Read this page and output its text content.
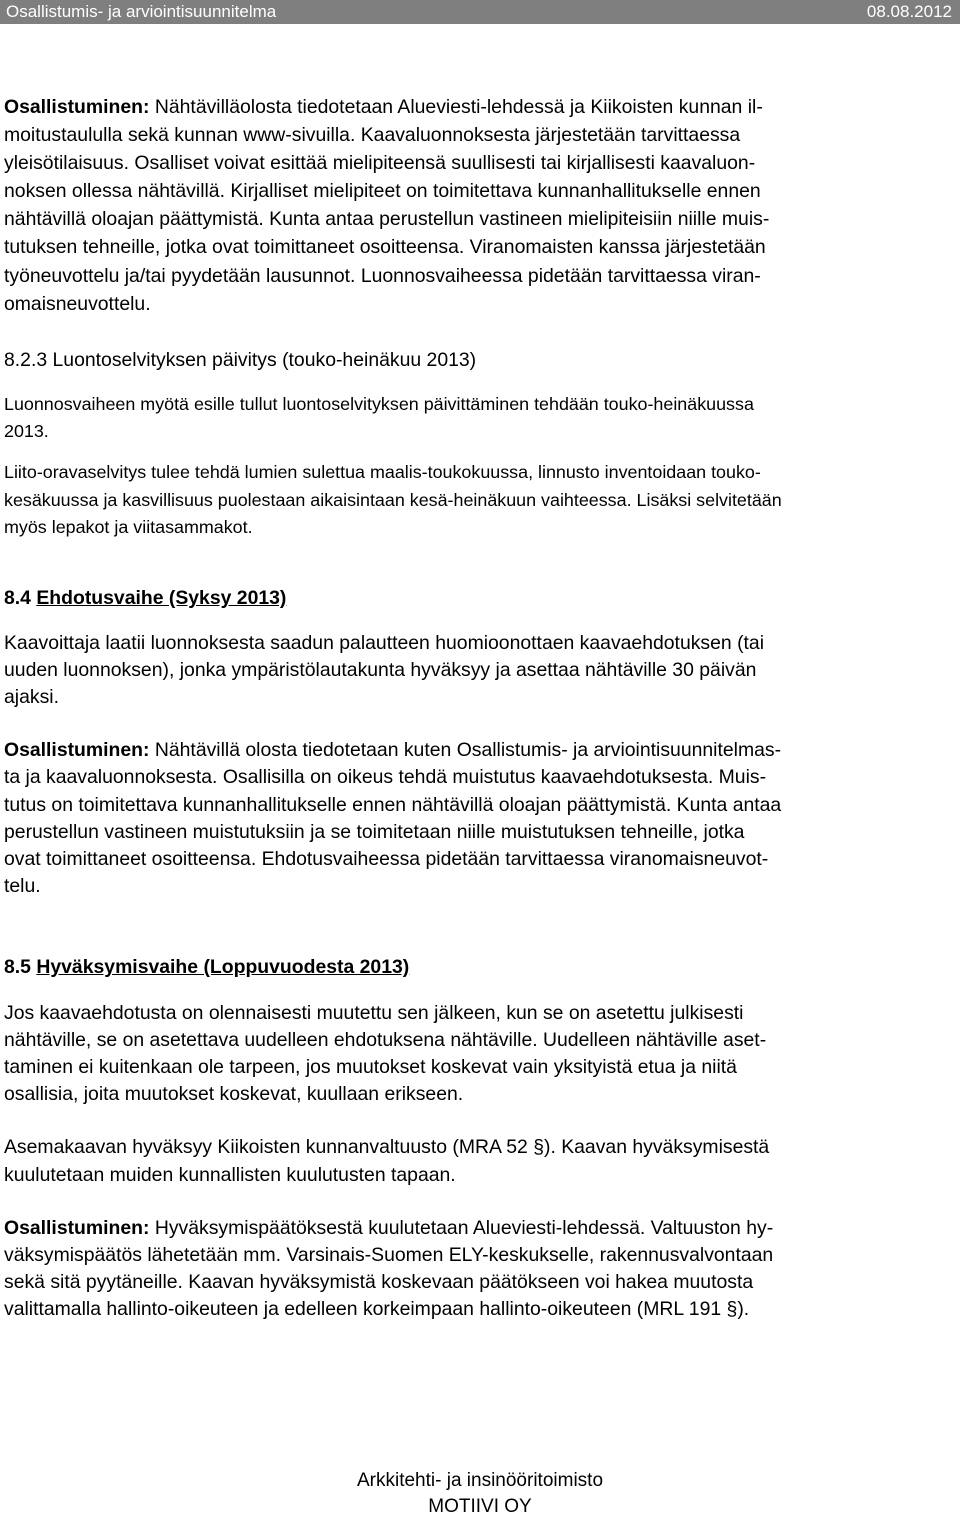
Osallistumis- ja arviointisuunnitelma	08.08.2012

Osallistuminen: Nähtävilläolosta tiedotetaan Alueviesti-lehdessä ja Kiikoisten kunnan il-

moitustaululla sekä kunnan www-sivuilla. Kaavaluonnoksesta järjestetään tarvittaessa

yleisötilaisuus. Osalliset voivat esittää mielipiteensä suullisesti tai kirjallisesti kaavaluon-

noksen ollessa nähtävillä. Kirjalliset mielipiteet on toimitettava kunnanhallitukselle ennen

nähtävillä oloajan päättymistä. Kunta antaa perustellun vastineen mielipiteisiin niille muis-

tutuksen tehneille, jotka ovat toimittaneet osoitteensa. Viranomaisten kanssa järjestetään

työneuvottelu ja/tai pyydetään lausunnot. Luonnosvaiheessa pidetään tarvittaessa viran-

omaisneuvottelu.

8.2.3 Luontoselvityksen päivitys (touko-heinäkuu 2013)

Luonnosvaiheen myötä esille tullut luontoselvityksen päivittäminen tehdään touko-heinäkuussa

2013.

Liito-oravaselvitys tulee tehdä lumien sulettua maalis-toukokuussa, linnusto inventoidaan touko-

kesäkuussa ja kasvillisuus puolestaan aikaisintaan kesä-heinäkuun vaihteessa. Lisäksi selvitetään

myös lepakot ja viitasammakot.

8.4 Ehdotusvaihe (Syksy 2013)

Kaavoittaja laatii luonnoksesta saadun palautteen huomioonottaen kaavaehdotuksen (tai

uuden luonnoksen), jonka ympäristölautakunta hyväksyy ja asettaa nähtäville 30 päivän

ajaksi.

Osallistuminen: Nähtävillä olosta tiedotetaan kuten Osallistumis- ja arviointisuunnitelmas-

ta ja kaavaluonnoksesta. Osallisilla on oikeus tehdä muistutus kaavaehdotuksesta. Muis-

tutus on toimitettava kunnanhallitukselle ennen nähtävillä oloajan päättymistä. Kunta antaa

perustellun vastineen muistutuksiin ja se toimitetaan niille muistutuksen tehneille, jotka

ovat toimittaneet osoitteensa. Ehdotusvaiheessa pidetään tarvittaessa viranomaisneuvot-

telu.

8.5 Hyväksymisvaihe (Loppuvuodesta 2013)

Jos kaavaehdotusta on olennaisesti muutettu sen jälkeen, kun se on asetettu julkisesti

nähtäville, se on asetettava uudelleen ehdotuksena nähtäville. Uudelleen nähtäville aset-

taminen ei kuitenkaan ole tarpeen, jos muutokset koskevat vain yksityistä etua ja niitä

osallisia, joita muutokset koskevat, kuullaan erikseen.

Asemakaavan hyväksyy Kiikoisten kunnanvaltuusto (MRA 52 §). Kaavan hyväksymisestä

kuulutetaan muiden kunnallisten kuulutusten tapaan.

Osallistuminen: Hyväksymispäätöksestä kuulutetaan Alueviesti-lehdessä. Valtuuston hy-

väksymispäätös lähetetään mm. Varsinais-Suomen ELY-keskukselle, rakennusvalvontaan

sekä sitä pyytäneille. Kaavan hyväksymistä koskevaan päätökseen voi hakea muutosta

valittamalla hallinto-oikeuteen ja edelleen korkeimpaan hallinto-oikeuteen (MRL 191 §).

Arkkitehti- ja insinööritoimisto

MOTIIVI OY
